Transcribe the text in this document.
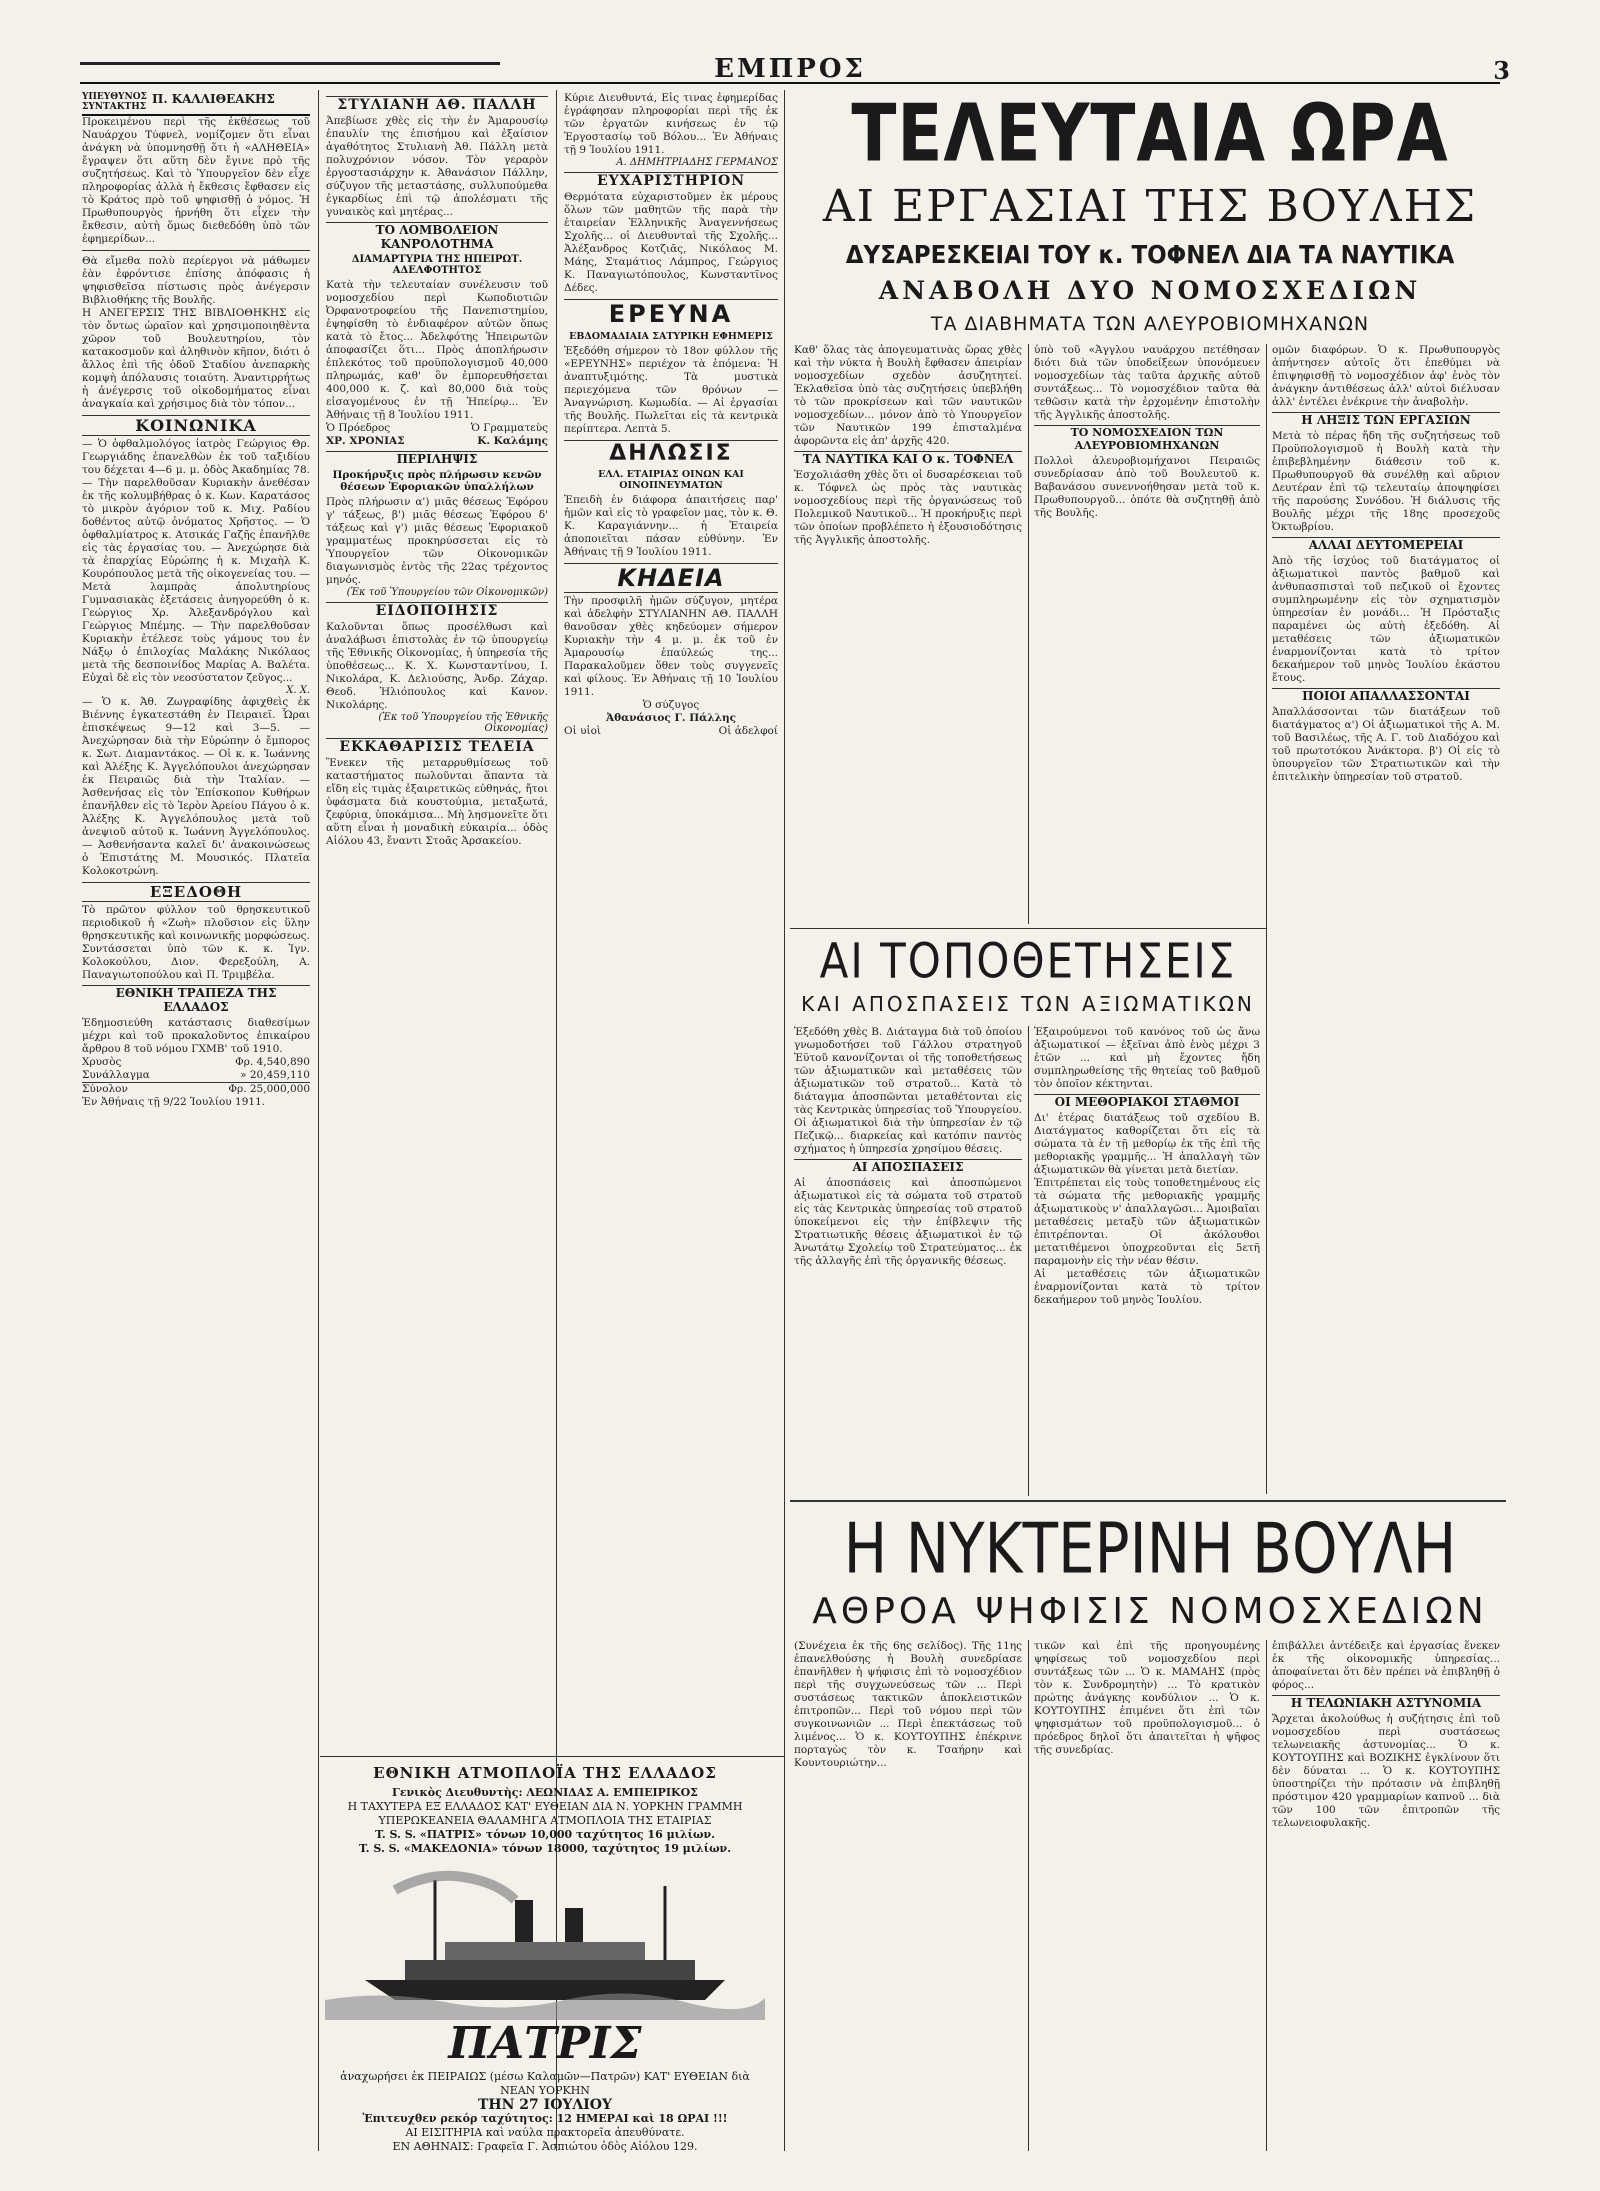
ΕΜΠΡΟΣ	3
ΥΠΕΥΘΥΝΟΣ ΣΥΝΤΑΚΤΗΣ
Π. ΚΑΛΛΙΘΕΑΚΗΣ
Προκειμένου περὶ τῆς ἐκθέσεως τοῦ Ναυάρχου Τύφνελ, νομίζομεν ὅτι εἶναι ἀνάγκη νὰ ὑπομνησθῇ ὅτι ἡ «ΑΛΗΘΕΙΑ» ἔγραψεν ὅτι αὕτη δὲν ἔγινε πρὸ τῆς συζητήσεως. Καὶ τὸ Ὑπουργεῖον δὲν εἶχε πληροφορίας ἀλλὰ ἡ ἔκθεσις ἔφθασεν εἰς τὸ Κράτος πρὸ τοῦ ψηφισθῇ ὁ νόμος. Ἡ Πρωθυπουργὸς ἠρνήθη ὅτι εἶχεν τὴν ἔκθεσιν, αὐτὴ ὅμως διεθεδόθη ὑπὸ τῶν ἐφημερίδων...
Θὰ εἴμεθα πολὺ περίεργοι νὰ μάθωμεν ἐὰν ἐφρόντισε ἐπίσης ἀπόφασις ἡ ψηφισθεῖσα πίστωσις πρὸς ἀνέγερσιν Βιβλιοθήκης τῆς Βουλῆς.
Η ΑΝΕΓΕΡΣΙΣ ΤΗΣ ΒΙΒΛΙΟΘΗΚΗΣ εἰς τὸν ὄντως ὡραῖον καὶ χρησιμοποιηθὲντα χῶρον τοῦ Βουλευτηρίου, τὸν κατακοσμοῦν καὶ ἀληθινὸν κῆπον, διότι ὁ ἄλλος ἐπὶ τῆς ὁδοῦ Σταδίου ἀνεπαρκὴς κομψὴ ἀπόλαυσις τοιαύτη. Ἀναντιρρήτως ἡ ἀνέγερσις τοῦ οἰκοδομήματος εἶναι ἀναγκαία καὶ χρήσιμος διὰ τὸν τόπον...
ΚΟΙΝΩΝΙΚΑ
— Ὁ ὀφθαλμολόγος ἰατρὸς Γεώργιος Θρ. Γεωργιάδης ἐπανελθὼν ἐκ τοῦ ταξιδίου του δέχεται 4—6 μ. μ. ὁδὸς Ἀκαδημίας 78. — Τὴν παρελθοῦσαν Κυριακὴν ἀνεθέσαν ἐκ τῆς κολυμβήθρας ὁ κ. Κων. Καρατάσος τὸ μικρὸν ἀγόριον τοῦ κ. Μιχ. Ραδίου δοθέντος αὐτῷ ὀνόματος Χρῆστος. — Ὁ ὀφθαλμίατρος κ. Ατσικάς Γαζῆς ἐπανῆλθε εἰς τὰς ἐργασίας του. — Ἀνεχώρησε διὰ τὰ ἐπαρχίας Εὐρώπης ἡ κ. Μιχαὴλ Κ. Κουρόπουλος μετὰ τῆς οἰκογενείας του. — Μετὰ λαμπρὰς ἀπολυτηρίους Γυμνασιακὰς ἐξετάσεις ἀνηγορεύθη ὁ κ. Γεώργιος Χρ. Ἀλεξανδρόγλου καὶ Γεώργιος Μπέμης. — Τὴν παρελθοῦσαν Κυριακὴν ἐτέλεσε τοὺς γάμους του ἐν Νάξῳ ὁ ἐπιλοχίας Μαλάκης Νικόλαος μετὰ τῆς δεσποινίδος Μαρίας Α. Βαλέτα. Εὐχαὶ δὲ εἰς τὸν νεοσύστατον ζεῦγος...
Χ. Χ.
— Ὁ κ. Ἀθ. Ζωγραφίδης ἀφιχθεὶς ἐκ Βιέννης ἐγκατεστάθη ἐν Πειραιεῖ. Ὧραι ἐπισκέψεως 9—12 καὶ 3—5. — Ἀνεχώρησαν διὰ τὴν Εὐρώπην ὁ ἔμπορος κ. Σωτ. Διαμαντάκος. — Οἱ κ. κ. Ἰωάννης καὶ Ἀλέξης Κ. Ἀγγελόπουλοι ἀνεχώρησαν ἐκ Πειραιῶς διὰ τὴν Ἰταλίαν. — Ἀσθενήσας εἰς τὸν Ἐπίσκοπον Κυθήρων ἐπανῆλθεν εἰς τὸ Ἱερὸν Ἀρείου Πάγου ὁ κ. Ἀλέξης Κ. Ἀγγελόπουλος μετὰ τοῦ ἀνεψιοῦ αὐτοῦ κ. Ἰωάννη Ἀγγελόπουλος. — Ἀσθενήσαντα καλεῖ δι' ἀνακοινώσεως ὁ Ἐπιστάτης Μ. Μουσικός. Πλατεῖα Κολοκοτρώνη.
ΕΞΕΔΟΘΗ
Τὸ πρῶτον φύλλον τοῦ θρησκευτικοῦ περιοδικοῦ ἡ «Ζωὴ» πλοῦσιον εἰς ὕλην θρησκευτικῆς καὶ κοινωνικῆς μορφώσεως. Συντάσσεται ὑπὸ τῶν κ. κ. Ἰγν. Κολοκούλου, Διον. Φερεξούλη, Α. Παναγιωτοπούλου καὶ Π. Τριμβέλα.
ΕΘΝΙΚΗ ΤΡΑΠΕΖΑ ΤΗΣ ΕΛΛΑΔΟΣ
Ἐδημοσιεύθη κατάστασις διαθεσίμων μέχρι καὶ τοῦ προκαλοῦντος ἐπικαίρου ἄρθρου 8 τοῦ νόμου ΓΧΜΒ' τοῦ 1910.
Χρυσὸς	Φρ. 4,540,890
Συνάλλαγμα	» 20,459,110
Σύνολον	Φρ. 25,000,000
Ἐν Ἀθήναις τῇ 9/22 Ἰουλίου 1911.
ΣΤΥΛΙΑΝΗ ΑΘ. ΠΑΛΛΗ
Ἀπεβίωσε χθὲς εἰς τὴν ἐν Ἀμαρουσίῳ ἐπαυλίν της ἐπισήμου καὶ ἐξαίσιον ἀγαθότητος Στυλιανὴ Ἀθ. Πάλλη μετὰ πολυχρόνιον νόσον. Τὸν γεραρὸν ἐργοστασιάρχην κ. Ἀθανάσιον Πάλλην, σύζυγον τῆς μεταστάσης, συλλυπούμεθα ἐγκαρδίως ἐπὶ τῷ ἀπολέσματι τῆς γυναικὸς καὶ μητέρας...
ΤΟ ΛΟΜΒΟΛΕΙΟΝ ΚΑΝΡΟΛΟΤΗΜΑ
ΔΙΑΜΑΡΤΥΡΙΑ ΤΗΣ ΗΠΕΙΡΩΤ. ΑΔΕΛΦΟΤΗΤΟΣ
Κατὰ τὴν τελευταίαν συνέλευσιν τοῦ νομοσχεδίου περὶ Κωποδιοτιῶν Ὀρφανοτροφείου τῆς Πανεπιστημίου, ἐψηφίσθη τὸ ἐνδιαφέρον αὐτῶν ὅπως κατὰ τὸ ἔτος... Ἀδελφότης Ἠπειρωτῶν ἀποφασίζει ὅτι... Πρὸς ἀποπλήρωσιν ἐπλεκότος τοῦ προϋπολογισμοῦ 40,000 πληρωμάς, καθ' ὃν ἐμπορευθήσεται 400,000 κ. ζ. καὶ 80,000 διὰ τοὺς εἰσαγομένους ἐν τῇ Ἠπείρῳ... Ἐν Ἀθήναις τῇ 8 Ἰουλίου 1911.
Ὁ Πρόεδρος
ΧΡ. ΧΡΟΝΙΑΣ
Ὁ Γραμματεὺς
Κ. Καλάμης
ΠΕΡΙΛΗΨΙΣ
Προκήρυξις πρὸς πλήρωσιν κενῶν θέσεων Ἐφοριακῶν ὑπαλλήλων
Πρὸς πλήρωσιν α') μιᾶς θέσεως Ἐφόρου γ' τάξεως, β') μιᾶς θέσεως Ἐφόρου δ' τάξεως καὶ γ') μιᾶς θέσεως Ἐφοριακοῦ γραμματέως προκηρύσσεται εἰς τὸ Ὑπουργεῖον τῶν Οἰκονομικῶν διαγωνισμὸς ἐντὸς τῆς 22ας τρέχοντος μηνός.
(Ἐκ τοῦ Ὑπουργείου τῶν Οἰκονομικῶν)
ΕΙΔΟΠΟΙΗΣΙΣ
Καλοῦνται ὅπως προσέλθωσι καὶ ἀναλάβωσι ἐπιστολὰς ἐν τῷ ὑπουργείῳ τῆς Ἐθνικῆς Οἰκονομίας, ἡ ὑπηρεσία τῆς ὑποθέσεως... Κ. Χ. Κωνσταντίνου, Ι. Νικολάρα, Κ. Δελιούσης, Ἀνδρ. Ζάχαρ. Θεοδ. Ἠλιόπουλος καὶ Κανον. Νικολάρης.
(Ἐκ τοῦ Ὑπουργείου τῆς Ἐθνικῆς Οἰκονομίας)
ΕΚΚΑΘΑΡΙΣΙΣ ΤΕΛΕΙΑ
Ἕνεκεν τῆς μεταρρυθμίσεως τοῦ καταστήματος πωλοῦνται ἅπαντα τὰ εἴδη εἰς τιμὰς ἐξαιρετικῶς εὐθηνάς, ἤτοι ὑφάσματα διὰ κουστούμια, μεταξωτά, ζεφύρια, ὑποκάμισα... Μὴ λησμονεῖτε ὅτι αὕτη εἶναι ἡ μοναδικὴ εὐκαιρία... ὁδὸς Αἰόλου 43, ἔναντι Στοᾶς Ἀρσακείου.
Κύριε Διευθυντά, Εἰς τινας ἐφημερίδας ἐγράφησαν πληροφορίαι περὶ τῆς ἐκ τῶν ἐργατῶν κινήσεως ἐν τῷ Ἐργοστασίῳ τοῦ Βόλου... Ἐν Ἀθήναις τῇ 9 Ἰουλίου 1911.
Α. ΔΗΜΗΤΡΙΑΔΗΣ ΓΕΡΜΑΝΟΣ
ΕΥΧΑΡΙΣΤΗΡΙΟΝ
Θερμότατα εὐχαριστοῦμεν ἐκ μέρους ὅλων τῶν μαθητῶν τῆς παρὰ τὴν ἐταιρείαν Ἐλληνικῆς Ἀναγεννήσεως Σχολῆς... οἱ Διευθυνταὶ τῆς Σχολῆς... Ἀλέξανδρος Κοτζιᾶς, Νικόλαος Μ. Μάης, Σταμάτιος Λάμπρος, Γεώργιος Κ. Παναγιωτόπουλος, Κωνσταντῖνος Δέδες.
ΕΡΕΥΝΑ
ΕΒΔΟΜΑΔΙΑΙΑ ΣΑΤΥΡΙΚΗ ΕΦΗΜΕΡΙΣ
Ἐξεδόθη σήμερον τὸ 18ον φύλλον τῆς «ΕΡΕΥΝΗΣ» περιέχον τὰ ἑπόμενα: Ἡ ἀναπτυξιμότης. Τὰ μυστικὰ περιεχόμενα τῶν θρόνων — Ἀναγνώριση. Κωμωδία. — Αἱ ἐργασίαι τῆς Βουλῆς. Πωλεῖται εἰς τὰ κεντρικὰ περίπτερα. Λεπτὰ 5.
ΔΗΛΩΣΙΣ
ΕΛΛ. ΕΤΑΙΡΙΑΣ ΟΙΝΩΝ ΚΑΙ ΟΙΝΟΠΝΕΥΜΑΤΩΝ
Ἐπειδὴ ἐν διάφορα ἀπαιτήσεις παρ' ἡμῶν καὶ εἰς τὸ γραφεῖον μας, τὸν κ. Θ. Κ. Καραγιάννην... ἡ Ἐταιρεία ἀποποιεῖται πάσαν εὐθύνην. Ἐν Ἀθήναις τῇ 9 Ἰουλίου 1911.
ΚΗΔΕΙΑ
Τὴν προσφιλῆ ἡμῶν σύζυγον, μητέρα καὶ ἀδελφὴν ΣΤΥΛΙΑΝΗΝ ΑΘ. ΠΑΛΛΗ θανοῦσαν χθὲς κηδεύομεν σήμερον Κυριακὴν τὴν 4 μ. μ. ἐκ τοῦ ἐν Ἀμαρουσίῳ ἐπαύλεώς της... Παρακαλοῦμεν ὅθεν τοὺς συγγενεῖς καὶ φίλους. Ἐν Ἀθήναις τῇ 10 Ἰουλίου 1911.
Ὁ σύζυγος
Ἀθανάσιος Γ. Πάλλης
Οἱ υἱοὶ	Οἱ ἀδελφοί
ΕΘΝΙΚΗ ΑΤΜΟΠΛΟΪΑ ΤΗΣ ΕΛΛΑΔΟΣ
Γενικὸς Διευθυντὴς: ΛΕΩΝΙΔΑΣ Α. ΕΜΠΕΙΡΙΚΟΣ
Η ΤΑΧΥΤΕΡΑ ΕΞ ΕΛΛΑΔΟΣ ΚΑΤ' ΕΥΘΕΙΑΝ ΔΙΑ Ν. ΥΟΡΚΗΝ ΓΡΑΜΜΗ
ΥΠΕΡΩΚΕΑΝΕΙΑ ΘΑΛΑΜΗΓΑ ΑΤΜΟΠΛΟΙΑ ΤΗΣ ΕΤΑΙΡΙΑΣ
T. S. S. «ΠΑΤΡΙΣ» τόνων 10,000 ταχύτητος 16 μιλίων.
T. S. S. «ΜΑΚΕΔΟΝΙΑ» τόνων 18000, ταχύτητος 19 μιλίων.
ΠΑΤΡΙΣ
ἀναχωρήσει ἐκ ΠΕΙΡΑΙΩΣ (μέσω Καλαμῶν—Πατρῶν) ΚΑΤ' ΕΥΘΕΙΑΝ διὰ ΝΕΑΝ ΥΟΡΚΗΝ
ΤΗΝ 27 ΙΟΥΛΙΟΥ
Ἐπιτευχθεν ρεκόρ ταχύτητος: 12 ΗΜΕΡΑΙ καὶ 18 ΩΡΑΙ !!!
ΑΙ ΕΙΣΙΤΗΡΙΑ καὶ ναύλα πρακτορεῖα ἀπευθύνατε.
ΕΝ ΑΘΗΝΑΙΣ: Γραφεῖα Γ. Ἀσπιώτου ὁδὸς Αἰόλου 129.
ΤΕΛΕΥΤΑΙΑ ΩΡΑ
ΑΙ ΕΡΓΑΣΙΑΙ ΤΗΣ ΒΟΥΛΗΣ
ΔΥΣΑΡΕΣΚΕΙΑΙ ΤΟΥ κ. ΤΟΦΝΕΛ ΔΙΑ ΤΑ ΝΑΥΤΙΚΑ
ΑΝΑΒΟΛΗ ΔΥΟ ΝΟΜΟΣΧΕΔΙΩΝ
ΤΑ ΔΙΑΒΗΜΑΤΑ ΤΩΝ ΑΛΕΥΡΟΒΙΟΜΗΧΑΝΩΝ
Καθ' ὅλας τὰς ἀπογευματινὰς ὥρας χθὲς καὶ τὴν νύκτα ἡ Βουλὴ ἔφθασεν ἀπειρίαν νομοσχεδίων σχεδὸν ἀσυζητητεί. Ἐκλαθεῖσα ὑπὸ τὰς συζητήσεις ὑπεβλήθη τὸ τῶν προκρίσεων καὶ τῶν ναυτικῶν νομοσχεδίων... μόνον ἀπὸ τὸ Υπουργεῖον τῶν Ναυτικῶν 199 ἐπισταλμένα ἀφορῶντα εἰς ἀπ' ἀρχῆς 420.
ΤΑ ΝΑΥΤΙΚΑ ΚΑΙ Ο κ. ΤΟΦΝΕΛ
Ἐσχολιάσθη χθὲς ὅτι οἱ δυσαρέσκειαι τοῦ κ. Τόφνελ ὡς πρὸς τὰς ναυτικὰς νομοσχεδίους περὶ τῆς ὀργανώσεως τοῦ Πολεμικοῦ Ναυτικοῦ... Ἡ προκήρυξις περὶ τῶν ὁποίων προβλέπετο ἡ ἐξουσιοδότησις τῆς Ἀγγλικῆς ἀποστολῆς.
ὑπὸ τοῦ «Ἀγγλου ναυάρχου πετέθησαν διότι διὰ τῶν ὑποδείξεων ὑπονόμευεν νομοσχεδίων τὰς ταῦτα ἀρχικῆς αὐτοῦ συντάξεως... Τὸ νομοσχέδιον ταῦτα θὰ τεθῶσιν κατὰ τὴν ἐρχομένην ἐπιστολὴν τῆς Ἀγγλικῆς ἀποστολῆς.
ΤΟ ΝΟΜΟΣΧΕΔΙΟΝ ΤΩΝ ΑΛΕΥΡΟΒΙΟΜΗΧΑΝΩΝ
Πολλοὶ ἀλευροβιομήχανοι Πειραιῶς συνεδρίασαν ἀπὸ τοῦ Βουλευτοῦ κ. Βαβανάσου συνεννοήθησαν μετὰ τοῦ κ. Πρωθυπουργοῦ... ὁπότε θὰ συζητηθῇ ἀπὸ τῆς Βουλῆς.
ομῶν διαφόρων. Ὁ κ. Πρωθυπουργὸς ἀπήντησεν αὐτοῖς ὅτι ἐπεθύμει νὰ ἐπιψηφισθῇ τὸ νομοσχέδιον ἀφ' ἑνὸς τὸν ἀνάγκην ἀντιθέσεως ἀλλ' αὐτοὶ διέλυσαν ἀλλ' ἐντέλει ἐνέκρινε τὴν ἀναβολὴν.
Η ΛΗΞΙΣ ΤΩΝ ΕΡΓΑΣΙΩΝ
Μετὰ τὸ πέρας ἤδη τῆς συζητήσεως τοῦ Προϋπολογισμοῦ ἡ Βουλὴ κατὰ τὴν ἐπιβεβλημένην διάθεσιν τοῦ κ. Πρωθυπουργοῦ θὰ συνέλθῃ καὶ αὔριον Δευτέραν ἐπὶ τῷ τελευταίῳ ἀποψηφίσει τῆς παρούσης Συνόδου. Ἡ διάλυσις τῆς Βουλῆς μέχρι τῆς 18ης προσεχοῦς Ὀκτωβρίου.
ΑΛΛΑΙ ΔΕΥΤΟΜΕΡΕΙΑΙ
Ἀπὸ τῆς ἰσχύος τοῦ διατάγματος οἱ ἀξιωματικοὶ παντὸς βαθμοῦ καὶ ἀνθυπασπισταὶ τοῦ πεζικοῦ οἱ ἔχοντες συμπληρωμένην εἰς τὸν σχηματισμὸν ὑπηρεσίαν ἐν μονάδι... Ἡ Πρόσταξις παραμένει ὡς αὐτὴ ἐξεδόθη. Αἱ μεταθέσεις τῶν ἀξιωματικῶν ἐναρμονίζονται κατὰ τὸ τρίτον δεκαήμερον τοῦ μηνὸς Ἰουλίου ἐκάστου ἔτους.
ΠΟΙΟΙ ΑΠΑΛΛΑΣΣΟΝΤΑΙ
Ἀπαλλάσσονται τῶν διατάξεων τοῦ διατάγματος α') Οἱ ἀξιωματικοὶ τῆς Α. Μ. τοῦ Βασιλέως, τῆς Α. Γ. τοῦ Διαδόχου καὶ τοῦ πρωτοτόκου Ἀνάκτορα. β') Οἱ εἰς τὸ ὑπουργεῖον τῶν Στρατιωτικῶν καὶ τὴν ἐπιτελικὴν ὑπηρεσίαν τοῦ στρατοῦ.
ΑΙ ΤΟΠΟΘΕΤΗΣΕΙΣ
ΚΑΙ ΑΠΟΣΠΑΣΕΙΣ ΤΩΝ ΑΞΙΩΜΑΤΙΚΩΝ
Ἐξεδόθη χθὲς Β. Διάταγμα διὰ τοῦ ὁποίου γνωμοδοτήσει τοῦ Γάλλου στρατηγοῦ Ἐϋτοῦ κανονίζονται οἱ τῆς τοποθετήσεως τῶν ἀξιωματικῶν καὶ μεταθέσεις τῶν ἀξιωματικῶν τοῦ στρατοῦ... Κατὰ τὸ διάταγμα ἀποσπῶνται μεταθέτονται εἰς τὰς Κεντρικὰς ὑπηρεσίας τοῦ Ὑπουργείου. Οἱ ἀξιωματικοὶ διὰ τὴν ὑπηρεσίαν ἐν τῷ Πεζικῷ... διαρκείας καὶ κατόπιν παντὸς σχήματος ἡ ὑπηρεσία χρησίμου θέσεις.
ΑΙ ΑΠΟΣΠΑΣΕΙΣ
Αἱ ἀποσπάσεις καὶ ἀποσπώμενοι ἀξιωματικοὶ εἰς τὰ σώματα τοῦ στρατοῦ εἰς τὰς Κεντρικὰς ὑπηρεσίας τοῦ στρατοῦ ὑποκείμενοι εἰς τὴν ἐπίβλεψιν τῆς Στρατιωτικῆς θέσεις ἀξιωματικοὶ ἐν τῷ Ἀνωτάτῳ Σχολείῳ τοῦ Στρατεύματος... ἐκ τῆς ἀλλαγῆς ἐπὶ τῆς ὀργανικῆς θέσεως.
Ἐξαιρούμενοι τοῦ κανόνος τοῦ ὡς ἄνω ἀξιωματικοί — ἐξεῖναι ἀπὸ ἑνὸς μέχρι 3 ἐτῶν ... καὶ μὴ ἔχοντες ἤδη συμπληρωθείσης τῆς θητείας τοῦ βαθμοῦ τὸν ὁποῖον κέκτηνται.
ΟΙ ΜΕΘΟΡΙΑΚΟΙ ΣΤΑΘΜΟΙ
Δι' ἑτέρας διατάξεως τοῦ σχεδίου Β. Διατάγματος καθορίζεται ὅτι εἰς τὰ σώματα τὰ ἐν τῇ μεθορίῳ ἐκ τῆς ἐπὶ τῆς μεθοριακῆς γραμμῆς... Ἡ ἀπαλλαγὴ τῶν ἀξιωματικῶν θὰ γίνεται μετὰ διετίαν.
Ἐπιτρέπεται εἰς τοὺς τοποθετημένους εἰς τὰ σώματα τῆς μεθοριακῆς γραμμῆς ἀξιωματικοὺς ν' ἀπαλλαγῶσι... Ἀμοιβαῖαι μεταθέσεις μεταξὺ τῶν ἀξιωματικῶν ἐπιτρέπονται. Οἱ ἀκόλουθοι μετατιθέμενοι ὑποχρεοῦνται εἰς 5ετῆ παραμονὴν εἰς τὴν νέαν θέσιν.
Αἱ μεταθέσεις τῶν ἀξιωματικῶν ἐναρμονίζονται κατὰ τὸ τρίτον δεκαήμερον τοῦ μηνὸς Ἰουλίου.
Η ΝΥΚΤΕΡΙΝΗ ΒΟΥΛΗ
ΑΘΡΟΑ ΨΗΦΙΣΙΣ ΝΟΜΟΣΧΕΔΙΩΝ
(Συνέχεια ἐκ τῆς 6ης σελίδος). Τῆς 11ης ἐπανελθούσης ἡ Βουλὴ συνεδρίασε ἐπανῆλθεν ἡ ψήφισις ἐπὶ τὸ νομοσχέδιον περὶ τῆς συγχωνεύσεως τῶν ... Περὶ συστάσεως τακτικῶν ἀποκλειστικῶν ἐπιτροπῶν... Περὶ τοῦ νόμου περὶ τῶν συγκοινωνιῶν ... Περὶ ἐπεκτάσεως τοῦ λιμένος... Ὁ κ. ΚΟΥΤΟΥΠΗΣ ἐπέκρινε πορταγὼς τὸν κ. Τσαήρην καὶ Κουντουριώτην...
τικῶν καὶ ἐπὶ τῆς προηγουμένης ψηφίσεως τοῦ νομοσχεδίου περὶ συντάξεως τῶν ... Ὁ κ. ΜΑΜΑΗΣ (πρὸς τὸν κ. Συνδρομητὴν) ... Τὸ κρατικὸν πρώτης ἀνάγκης κονδύλιον ... Ὁ κ. ΚΟΥΤΟΥΠΗΣ ἐπιμένει ὅτι ἐπὶ τῶν ψηφισμάτων τοῦ προϋπολογισμοῦ... ὁ πρόεδρος δηλοῖ ὅτι ἀπαιτεῖται ἡ ψῆφος τῆς συνεδρίας.
ἐπιβάλλει ἀντέδειξε καὶ ἐργασίας ἕνεκεν ἐκ τῆς οἰκονομικῆς ὑπηρεσίας... ἀποφαίνεται ὅτι δὲν πρέπει νὰ ἐπιβληθῇ ὁ φόρος...
Η ΤΕΛΩΝΙΑΚΗ ΑΣΤΥΝΟΜΙΑ
Ἄρχεται ἀκολούθως ἡ συζήτησις ἐπὶ τοῦ νομοσχεδίου περὶ συστάσεως τελωνειακῆς ἀστυνομίας... Ὁ κ. ΚΟΥΤΟΥΠΗΣ καὶ ΒΟΖΙΚΗΣ ἐγκλίνουν ὅτι δὲν δύναται ... Ὁ κ. ΚΟΥΤΟΥΠΗΣ ὑποστηρίζει τὴν πρότασιν νὰ ἐπιβληθῇ πρόστιμον 420 γραμμαρίων καπνοῦ ... διὰ τῶν 100 τῶν ἐπιτροπῶν τῆς τελωνειοφυλακῆς.
